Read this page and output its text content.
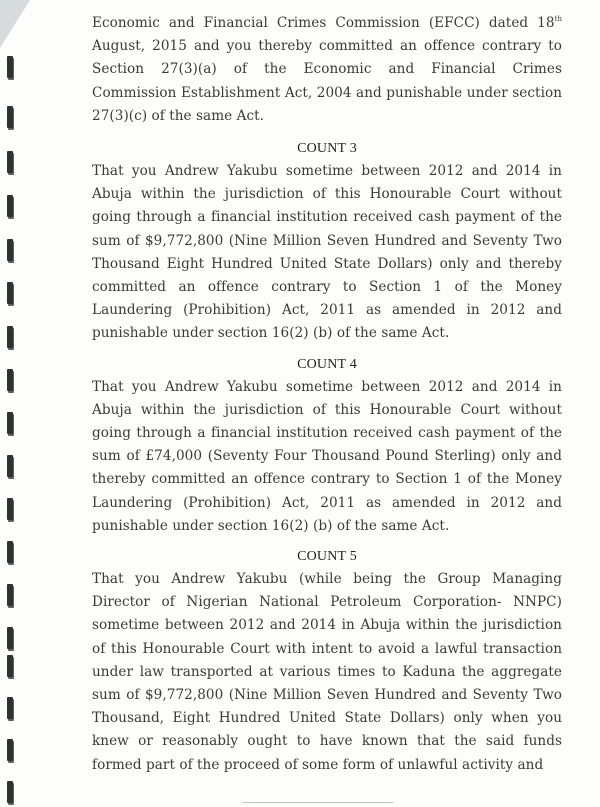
Economic and Financial Crimes Commission (EFCC) dated 18th August, 2015 and you thereby committed an offence contrary to Section 27(3)(a) of the Economic and Financial Crimes Commission Establishment Act, 2004 and punishable under section 27(3)(c) of the same Act.

COUNT 3

That you Andrew Yakubu sometime between 2012 and 2014 in Abuja within the jurisdiction of this Honourable Court without going through a financial institution received cash payment of the sum of $9,772,800 (Nine Million Seven Hundred and Seventy Two Thousand Eight Hundred United State Dollars) only and thereby committed an offence contrary to Section 1 of the Money Laundering (Prohibition) Act, 2011 as amended in 2012 and punishable under section 16(2) (b) of the same Act.

COUNT 4

That you Andrew Yakubu sometime between 2012 and 2014 in Abuja within the jurisdiction of this Honourable Court without going through a financial institution received cash payment of the sum of £74,000 (Seventy Four Thousand Pound Sterling) only and thereby committed an offence contrary to Section 1 of the Money Laundering (Prohibition) Act, 2011 as amended in 2012 and punishable under section 16(2) (b) of the same Act.

COUNT 5

That you Andrew Yakubu (while being the Group Managing Director of Nigerian National Petroleum Corporation- NNPC) sometime between 2012 and 2014 in Abuja within the jurisdiction of this Honourable Court with intent to avoid a lawful transaction under law transported at various times to Kaduna the aggregate sum of $9,772,800 (Nine Million Seven Hundred and Seventy Two Thousand, Eight Hundred United State Dollars) only when you knew or reasonably ought to have known that the said funds formed part of the proceed of some form of unlawful activity and
